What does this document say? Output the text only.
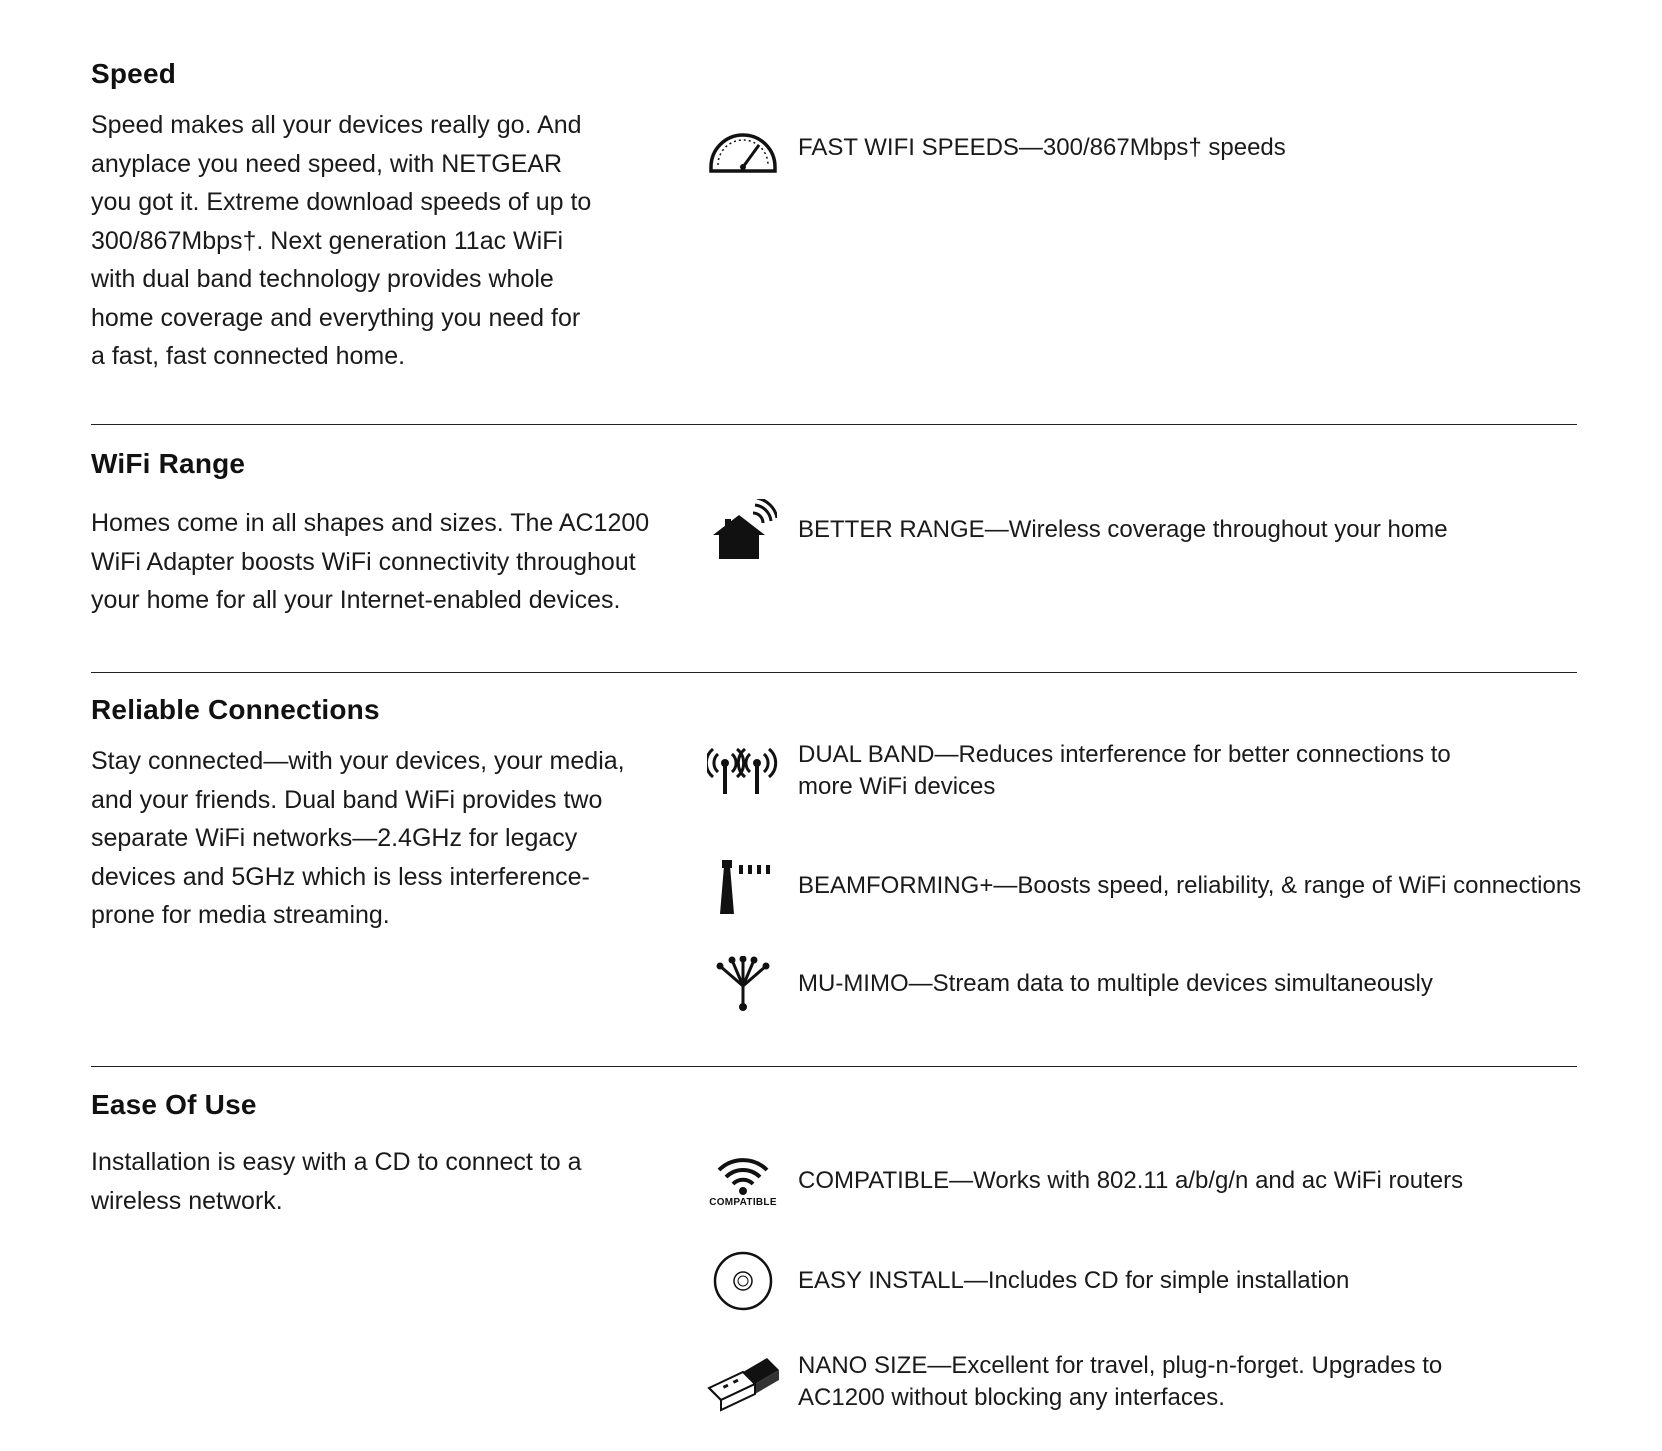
Speed

Speed makes all your devices really go. And anyplace you need speed, with NETGEAR you got it. Extreme download speeds of up to 300/867Mbps†. Next generation 11ac WiFi with dual band technology provides whole home coverage and everything you need for a fast, fast connected home.

FAST WIFI SPEEDS—300/867Mbps† speeds
WiFi Range

Homes come in all shapes and sizes. The AC1200 WiFi Adapter boosts WiFi connectivity throughout your home for all your Internet-enabled devices.

BETTER RANGE—Wireless coverage throughout your home
Reliable Connections

Stay connected—with your devices, your media, and your friends. Dual band WiFi provides two separate WiFi networks—2.4GHz for legacy devices and 5GHz which is less interference-prone for media streaming.

DUAL BAND—Reduces interference for better connections to more WiFi devices
BEAMFORMING+—Boosts speed, reliability, & range of WiFi connections
MU-MIMO—Stream data to multiple devices simultaneously
Ease Of Use

Installation is easy with a CD to connect to a wireless network.	COMPATIBLE
COMPATIBLE—Works with 802.11 a/b/g/n and ac WiFi routers
EASY INSTALL—Includes CD for simple installation
NANO SIZE—Excellent for travel, plug-n-forget. Upgrades to AC1200 without blocking any interfaces.
